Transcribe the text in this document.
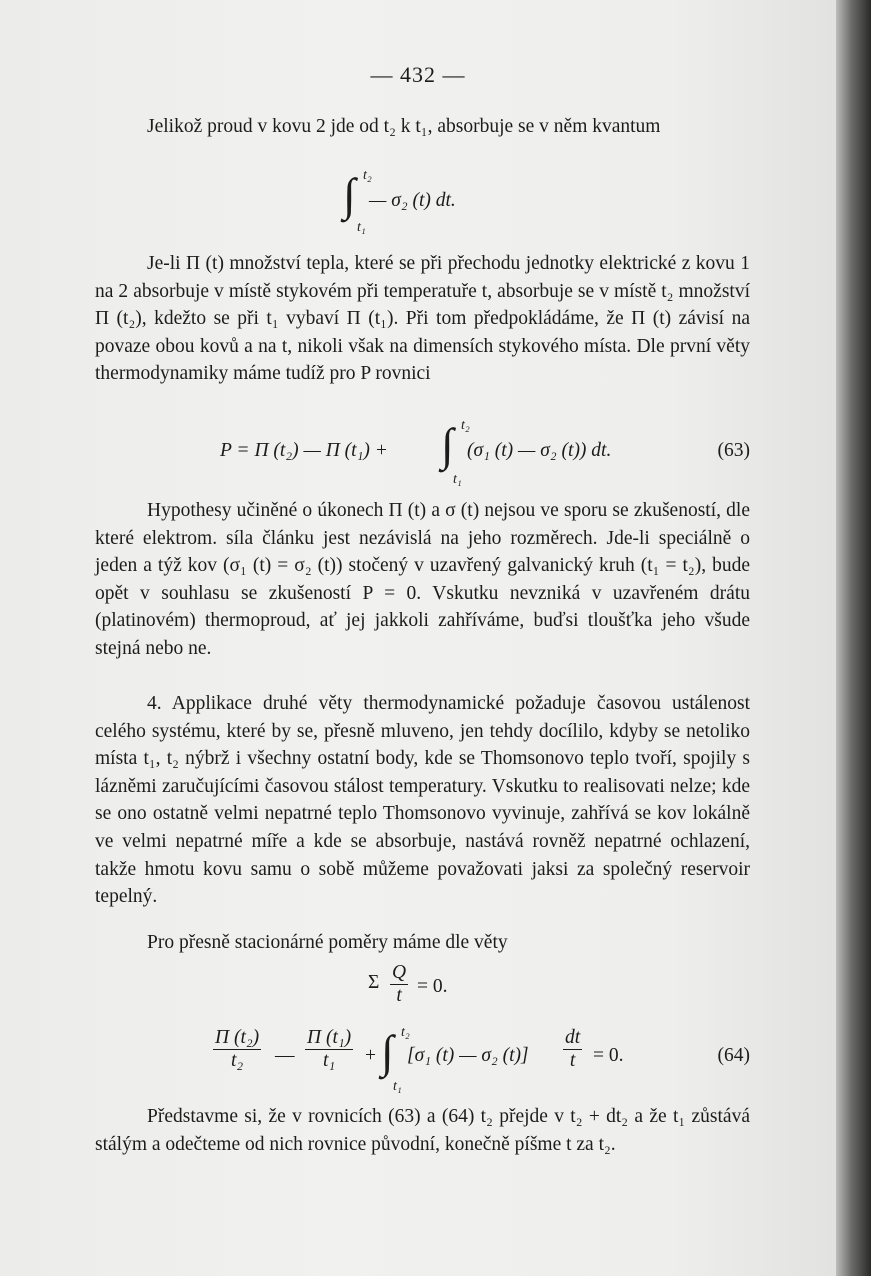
— 432 —

Jelikož proud v kovu 2 jde od t₂ k t₁, absorbuje se v něm kvantum

∫ t₂
t₁
— σ₂ (t) dt.

Je-li Π (t) množství tepla, které se při přechodu jednotky elektrické z kovu 1 na 2 absorbuje v místě stykovém při temperatuře t, absorbuje se v místě t₂ množství Π (t₂), kdežto se při t₁ vybaví Π (t₁). Při tom předpokládáme, že Π (t) závisí na povaze obou kovů a na t, nikoli však na dimensích stykového místa. Dle první věty thermodynamiky máme tudíž pro P rovnici

P = Π (t₂) — Π (t₁) + ∫ t₂
t₁
(σ₁ (t) — σ₂ (t)) dt.	(63)

Hypothesy učiněné o úkonech Π (t) a σ (t) nejsou ve sporu se zkušeností, dle které elektrom. síla článku jest nezávislá na jeho rozměrech. Jde-li speciálně o jeden a týž kov (σ₁ (t) = σ₂ (t)) stočený v uzavřený galvanický kruh (t₁ = t₂), bude opět v souhlasu se zkušeností P = 0. Vskutku nevzniká v uzavřeném drátu (platinovém) thermoproud, ať jej jakkoli zahříváme, buďsi tloušťka jeho všude stejná nebo ne.

4. Applikace druhé věty thermodynamické požaduje časovou ustálenost celého systému, které by se, přesně mluveno, jen tehdy docílilo, kdyby se netoliko místa t₁, t₂ nýbrž i všechny ostatní body, kde se Thomsonovo teplo tvoří, spojily s lázněmi zaručujícími časovou stálost temperatury. Vskutku to realisovati nelze; kde se ono ostatně velmi nepatrné teplo Thomsonovo vyvinuje, zahřívá se kov lokálně ve velmi nepatrné míře a kde se absorbuje, nastává rovněž nepatrné ochlazení, takže hmotu kovu samu o sobě můžeme považovati jaksi za společný reservoir tepelný.

Pro přesně stacionárné poměry máme dle věty

Σ $\frac{Q}{t} = 0$.
$\frac{\text{Π (t₂)}}{\text{t₂}}$ — $\frac{\text{Π (t₁)}}{\text{t₁}}$ + ∫ t₂
t₁
[σ₁ (t) — σ₂ $(t)] \frac{dt}{t} = 0$.	(64)

Představme si, že v rovnicích (63) a (64) t₂ přejde v t₂ + dt₂ a že t₁ zůstává stálým a odečteme od nich rovnice původní, konečně píšme t za t₂.
